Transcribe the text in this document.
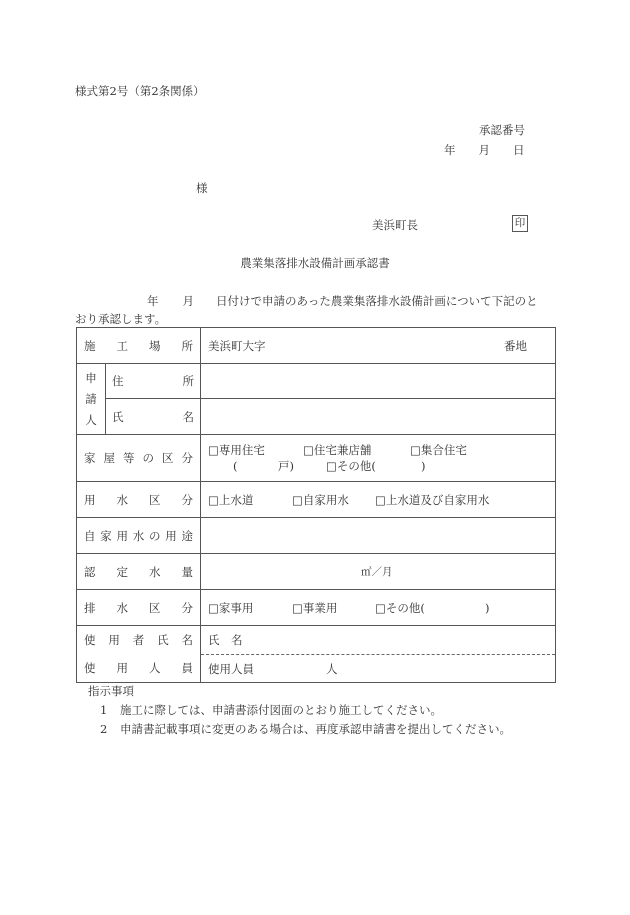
様式第2号（第2条関係）
承認番号
年 月 日
様
美浜町長	印
農業集落排水設備計画承認書
年 月 日付けで申請のあった農業集落排水設備計画について下記のと
おり承認します。
施工場所		美浜町大字 番地

申請人	住所	
	氏名	
家屋等の区分		□専用住宅 □住宅兼店舗 □集合住宅
( 戸) □その他( )

用水区分		□上水道 □自家用水 □上水道及び自家用水
自家用水の用途		
認定水量		㎥／月
排水区分		□家事用 □事業用 □その他( )
使用者氏名		氏　名
使用人員		使用人員 人
指示事項
1 施工に際しては、申請書添付図面のとおり施工してください。
2 申請書記載事項に変更のある場合は、再度承認申請書を提出してください。
